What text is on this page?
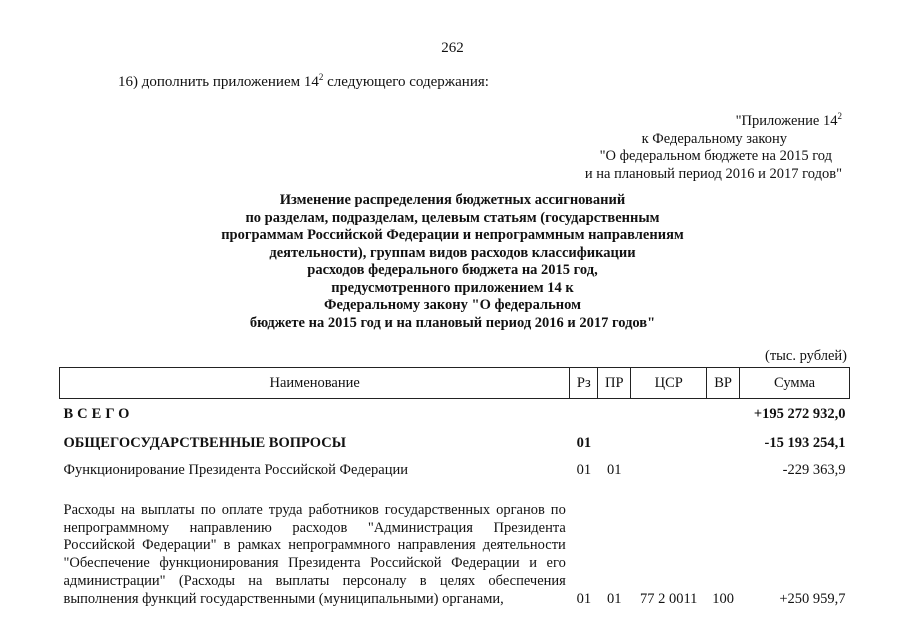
262
16) дополнить приложением $14^2$ следующего содержания:
"Приложение $14^2$
к Федеральному закону
"О федеральном бюджете на 2015 год
и на плановый период 2016 и 2017 годов"
Изменение распределения бюджетных ассигнований
по разделам, подразделам, целевым статьям (государственным
программам Российской Федерации и непрограммным направлениям
деятельности), группам видов расходов классификации
расходов федерального бюджета на 2015 год,
предусмотренного приложением 14 к
Федеральному закону "О федеральном
бюджете на 2015 год и на плановый период 2016 и 2017 годов"
(тыс. рублей)
Наименование	Рз	ПР	ЦСР	ВР	Сумма
ВСЕГО					+195 272 932,0
ОБЩЕГОСУДАРСТВЕННЫЕ ВОПРОСЫ	01				-15 193 254,1
Функционирование Президента Российской Федерации	01	01			-229 363,9
Расходы на выплаты по оплате труда работников государственных органов по непрограммному направлению расходов "Администрация Президента Российской Федерации" в рамках непрограммного направления деятельности "Обеспечение функционирования Президента Российской Федерации и его администрации" (Расходы на выплаты персоналу в целях обеспечения выполнения функций государственными (муниципальными) органами,	01	01	77 2 0011	100	+250 959,7
